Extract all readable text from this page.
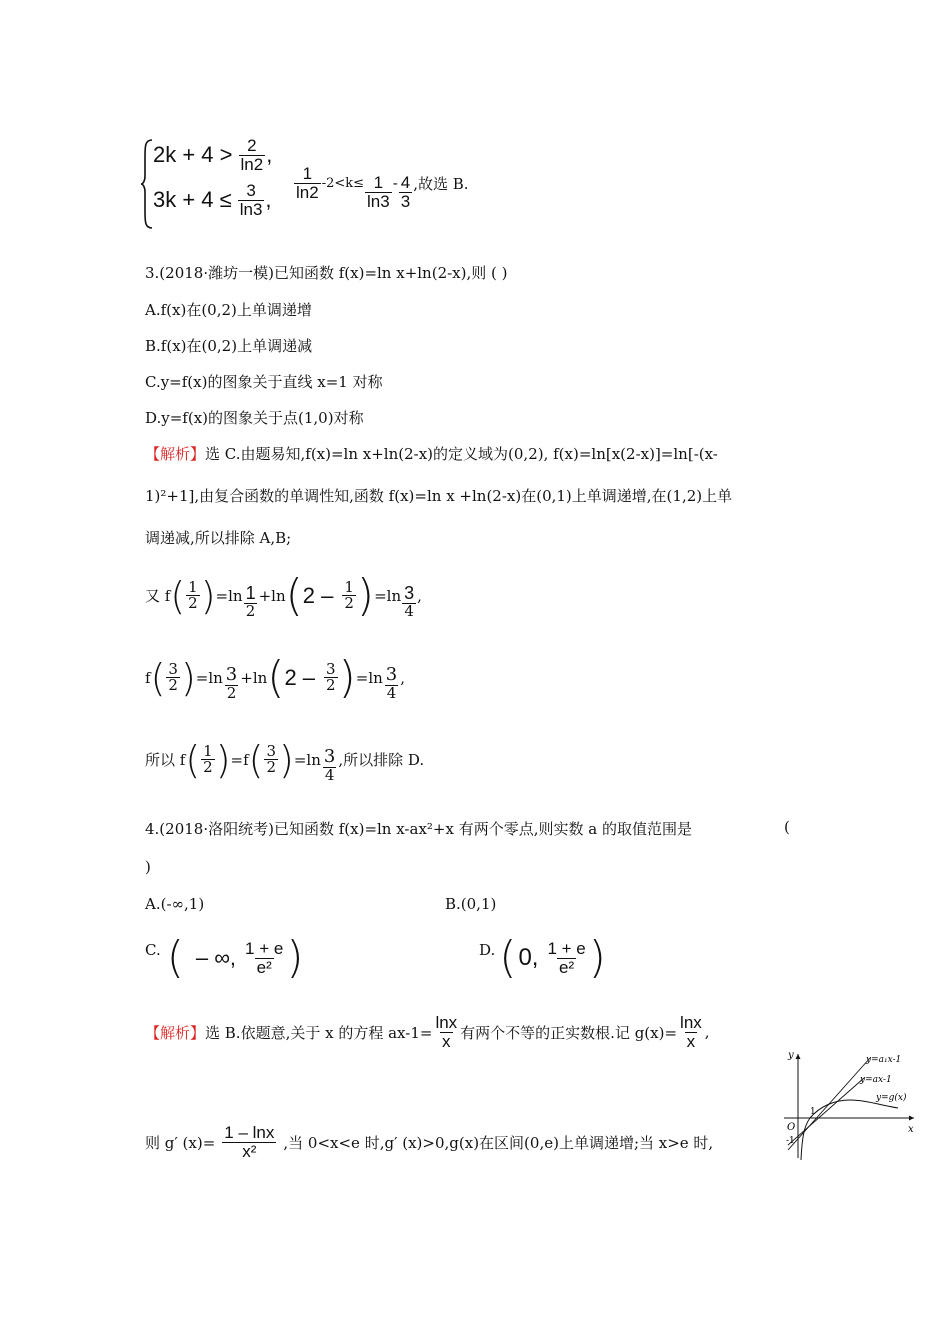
$2k + 4 > \frac{2}{\ln 2}$ ,
$3k + 4 \le \frac{3}{\ln 3}$ , $\frac{1}{\ln 2} -2<k\le \frac{1}{\ln 3} - \frac{4}{3}$ ,故选 B.
3.(2018·潍坊一模)已知函数 f(x)=ln x+ln(2-x),则 ( )
A.f(x)在(0,2)上单调递增
B.f(x)在(0,2)上单调递减
C.y=f(x)的图象关于直线 x=1 对称
D.y=f(x)的图象关于点(1,0)对称
【解析】选 C.由题易知,f(x)=ln x+ln(2-x)的定义域为(0,2), f(x)=ln[x(2-x)]=ln[-(x-
1)²+1],由复合函数的单调性知,函数 f(x)=ln x +ln(2-x)在(0,1)上单调递增,在(1,2)上单
调递减,所以排除 A,B;
又 f ( $\frac{1}{2}$ ) $=\ln \frac{1}{2} +\ln$ ( $2 - \frac{1}{2}$ ) $=\ln \frac{3}{4}$ ,
f ( $\frac{3}{2}$ ) $=\ln \frac{3}{2} +\ln$ ( $2 - \frac{3}{2}$ ) $=\ln \frac{3}{4}$ ,
所以 f ( $\frac{1}{2}$ ) =f ( $\frac{3}{2}$ ) $=\ln \frac{3}{4}$ ,所以排除 D.
4.(2018·洛阳统考)已知函数 f(x)=ln x-ax²+x 有两个零点,则实数 a 的取值范围是	(
)
A.(-∞,1)	B.(0,1)
C. ( – ∞, $\frac{1 + e}{\text{e²}}$ )	D. ( 0, $\frac{1 + e}{\text{e²}}$ )
【解析】 选 B.依题意,关于 x 的方程 $ax-1= \frac{\ln x}{x}$ 有两个不等的正实数根.记 $g(x)= \frac{\ln x}{x}$ ,
则 g′ $(x)= \frac{1 - \ln x}{\text{x²}}$ ,当 0<x<e 时,g′ (x)>0,g(x)在区间(0,e)上单调递增;当 x>e 时,
y
x
O
1
-1
y=a₁x-1
y=ax-1
y=g(x)
